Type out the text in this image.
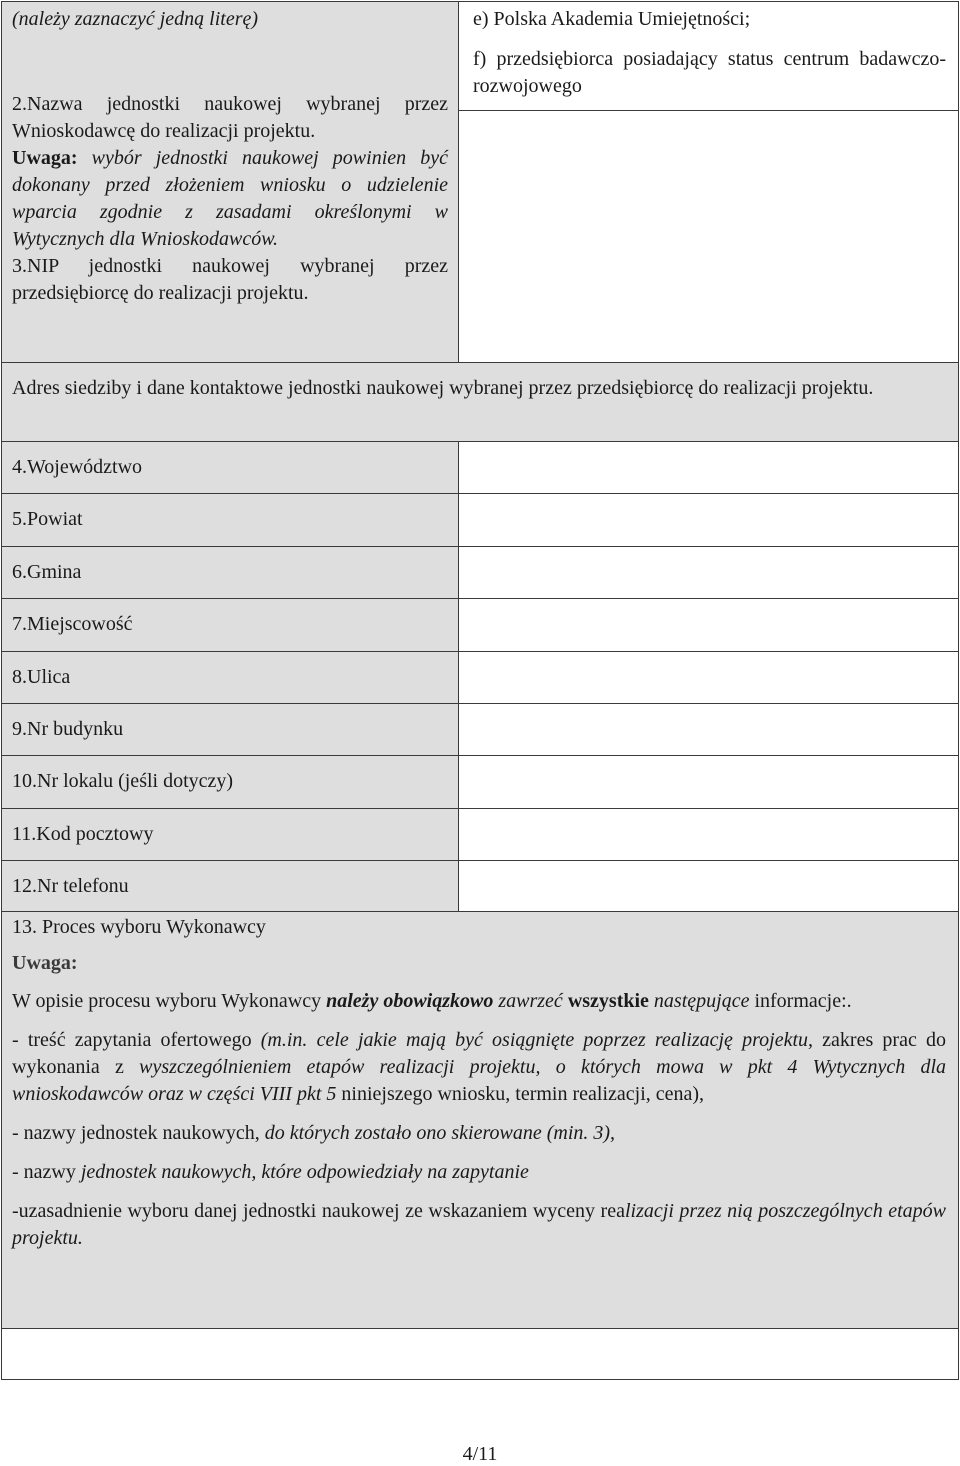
(należy zaznaczyć jedną literę)

2.Nazwa jednostki naukowej wybranej przez Wnioskodawcę do realizacji projektu.

Uwaga: wybór jednostki naukowej powinien być dokonany przed złożeniem wniosku o udzielenie wparcia zgodnie z zasadami określonymi w Wytycznych dla Wnioskodawców.

3.NIP jednostki naukowej wybranej przez przedsiębiorcę do realizacji projektu.

e) Polska Akademia Umiejętności;

f) przedsiębiorca posiadający status centrum badawczo-rozwojowego

Adres siedziby i dane kontaktowe jednostki naukowej wybranej przez przedsiębiorcę do realizacji projektu.

4.Województwo
5.Powiat
6.Gmina
7.Miejscowość
8.Ulica
9.Nr budynku
10.Nr lokalu (jeśli dotyczy)
11.Kod pocztowy
12.Nr telefonu

13. Proces wyboru Wykonawcy

Uwaga:

W opisie procesu wyboru Wykonawcy należy obowiązkowo zawrzeć wszystkie następujące informacje:.

- treść zapytania ofertowego (m.in. cele jakie mają być osiągnięte poprzez realizację projektu, zakres prac do wykonania z wyszczególnieniem etapów realizacji projektu, o których mowa w pkt 4 Wytycznych dla wnioskodawców oraz w części VIII pkt 5 niniejszego wniosku, termin realizacji, cena),

- nazwy jednostek naukowych, do których zostało ono skierowane (min. 3),

- nazwy jednostek naukowych, które odpowiedziały na zapytanie

-uzasadnienie wyboru danej jednostki naukowej ze wskazaniem wyceny realizacji przez nią poszczególnych etapów projektu.

4/11
